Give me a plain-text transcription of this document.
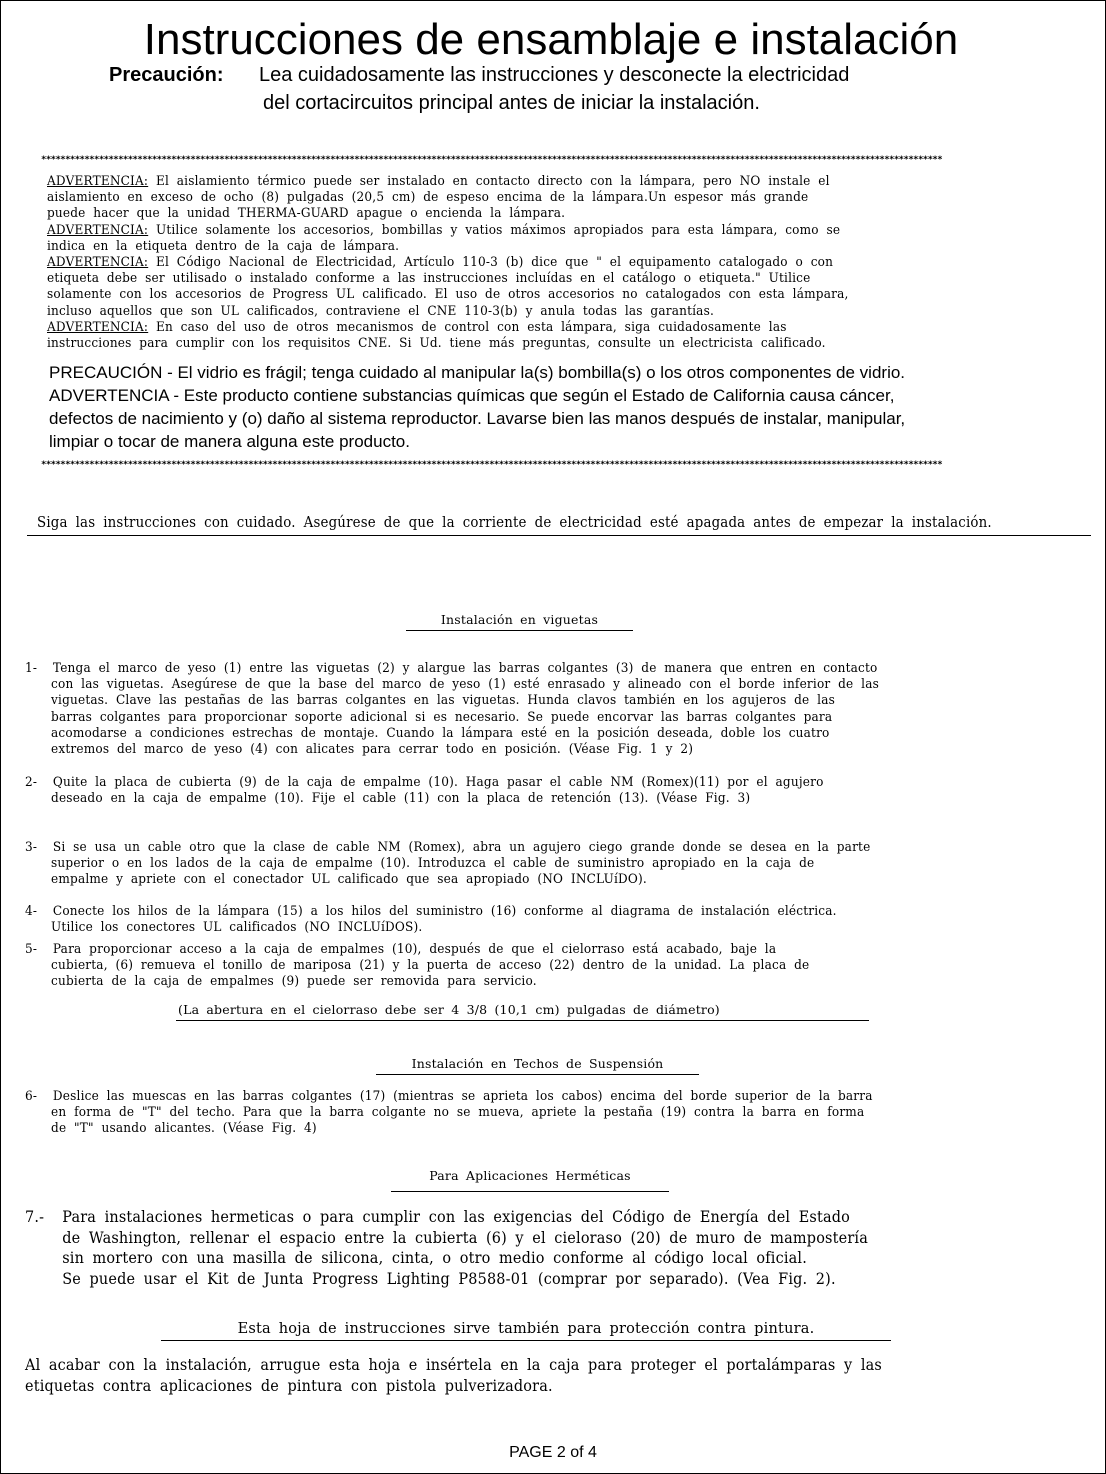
Instrucciones de ensamblaje e instalación
Precaución: Lea cuidadosamente las instrucciones y desconecte la electricidad
del cortacircuitos principal antes de iniciar la instalación.
*******************************************************************************************************************************************************************************************
ADVERTENCIA: El aislamiento térmico puede ser instalado en contacto directo con la lámpara, pero NO instale el
aislamiento en exceso de ocho (8) pulgadas (20,5 cm) de espeso encima de la lámpara.Un espesor más grande
puede hacer que la unidad THERMA-GUARD apague o encienda la lámpara.
ADVERTENCIA: Utilice solamente los accesorios, bombillas y vatios máximos apropiados para esta lámpara, como se
indica en la etiqueta dentro de la caja de lámpara.
ADVERTENCIA: El Código Nacional de Electricidad, Artículo 110-3 (b) dice que " el equipamento catalogado o con
etiqueta debe ser utilisado o instalado conforme a las instrucciones incluídas en el catálogo o etiqueta." Utilice
solamente con los accesorios de Progress UL calificado. El uso de otros accesorios no catalogados con esta lámpara,
incluso aquellos que son UL calificados, contraviene el CNE 110-3(b) y anula todas las garantías.
ADVERTENCIA: En caso del uso de otros mecanismos de control con esta lámpara, siga cuidadosamente las
instrucciones para cumplir con los requisitos CNE. Si Ud. tiene más preguntas, consulte un electricista calificado.
PRECAUCIÓN - El vidrio es frágil; tenga cuidado al manipular la(s) bombilla(s) o los otros componentes de vidrio.
ADVERTENCIA - Este producto contiene substancias químicas que según el Estado de California causa cáncer,
defectos de nacimiento y (o) daño al sistema reproductor. Lavarse bien las manos después de instalar, manipular,
limpiar o tocar de manera alguna este producto.
*******************************************************************************************************************************************************************************************
Siga las instrucciones con cuidado. Asegúrese de que la corriente de electricidad esté apagada antes de empezar la instalación.
Instalación en viguetas
1- Tenga el marco de yeso (1) entre las viguetas (2) y alargue las barras colgantes (3) de manera que entren en contacto
con las viguetas. Asegúrese de que la base del marco de yeso (1) esté enrasado y alineado con el borde inferior de las
viguetas. Clave las pestañas de las barras colgantes en las viguetas. Hunda clavos también en los agujeros de las
barras colgantes para proporcionar soporte adicional si es necesario. Se puede encorvar las barras colgantes para
acomodarse a condiciones estrechas de montaje. Cuando la lámpara esté en la posición deseada, doble los cuatro
extremos del marco de yeso (4) con alicates para cerrar todo en posición. (Véase Fig. 1 y 2)
2- Quite la placa de cubierta (9) de la caja de empalme (10). Haga pasar el cable NM (Romex)(11) por el agujero
deseado en la caja de empalme (10). Fije el cable (11) con la placa de retención (13). (Véase Fig. 3)
3- Si se usa un cable otro que la clase de cable NM (Romex), abra un agujero ciego grande donde se desea en la parte
superior o en los lados de la caja de empalme (10). Introduzca el cable de suministro apropiado en la caja de
empalme y apriete con el conectador UL calificado que sea apropiado (NO INCLUíDO).
4- Conecte los hilos de la lámpara (15) a los hilos del suministro (16) conforme al diagrama de instalación eléctrica.
Utilice los conectores UL calificados (NO INCLUíDOS).
5- Para proporcionar acceso a la caja de empalmes (10), después de que el cielorraso está acabado, baje la
cubierta, (6) remueva el tonillo de mariposa (21) y la puerta de acceso (22) dentro de la unidad. La placa de
cubierta de la caja de empalmes (9) puede ser removida para servicio.
(La abertura en el cielorraso debe ser 4 3/8 (10,1 cm) pulgadas de diámetro)
Instalación en Techos de Suspensión
6- Deslice las muescas en las barras colgantes (17) (mientras se aprieta los cabos) encima del borde superior de la barra
en forma de "T" del techo. Para que la barra colgante no se mueva, apriete la pestaña (19) contra la barra en forma
de "T" usando alicantes. (Véase Fig. 4)
Para Aplicaciones Herméticas
7.- Para instalaciones hermeticas o para cumplir con las exigencias del Código de Energía del Estado
de Washington, rellenar el espacio entre la cubierta (6) y el cieloraso (20) de muro de mampostería
sin mortero con una masilla de silicona, cinta, o otro medio conforme al código local oficial.
Se puede usar el Kit de Junta Progress Lighting P8588-01 (comprar por separado). (Vea Fig. 2).
Esta hoja de instrucciones sirve también para protección contra pintura.
Al acabar con la instalación, arrugue esta hoja e insértela en la caja para proteger el portalámparas y las
etiquetas contra aplicaciones de pintura con pistola pulverizadora.
PAGE 2 of 4
